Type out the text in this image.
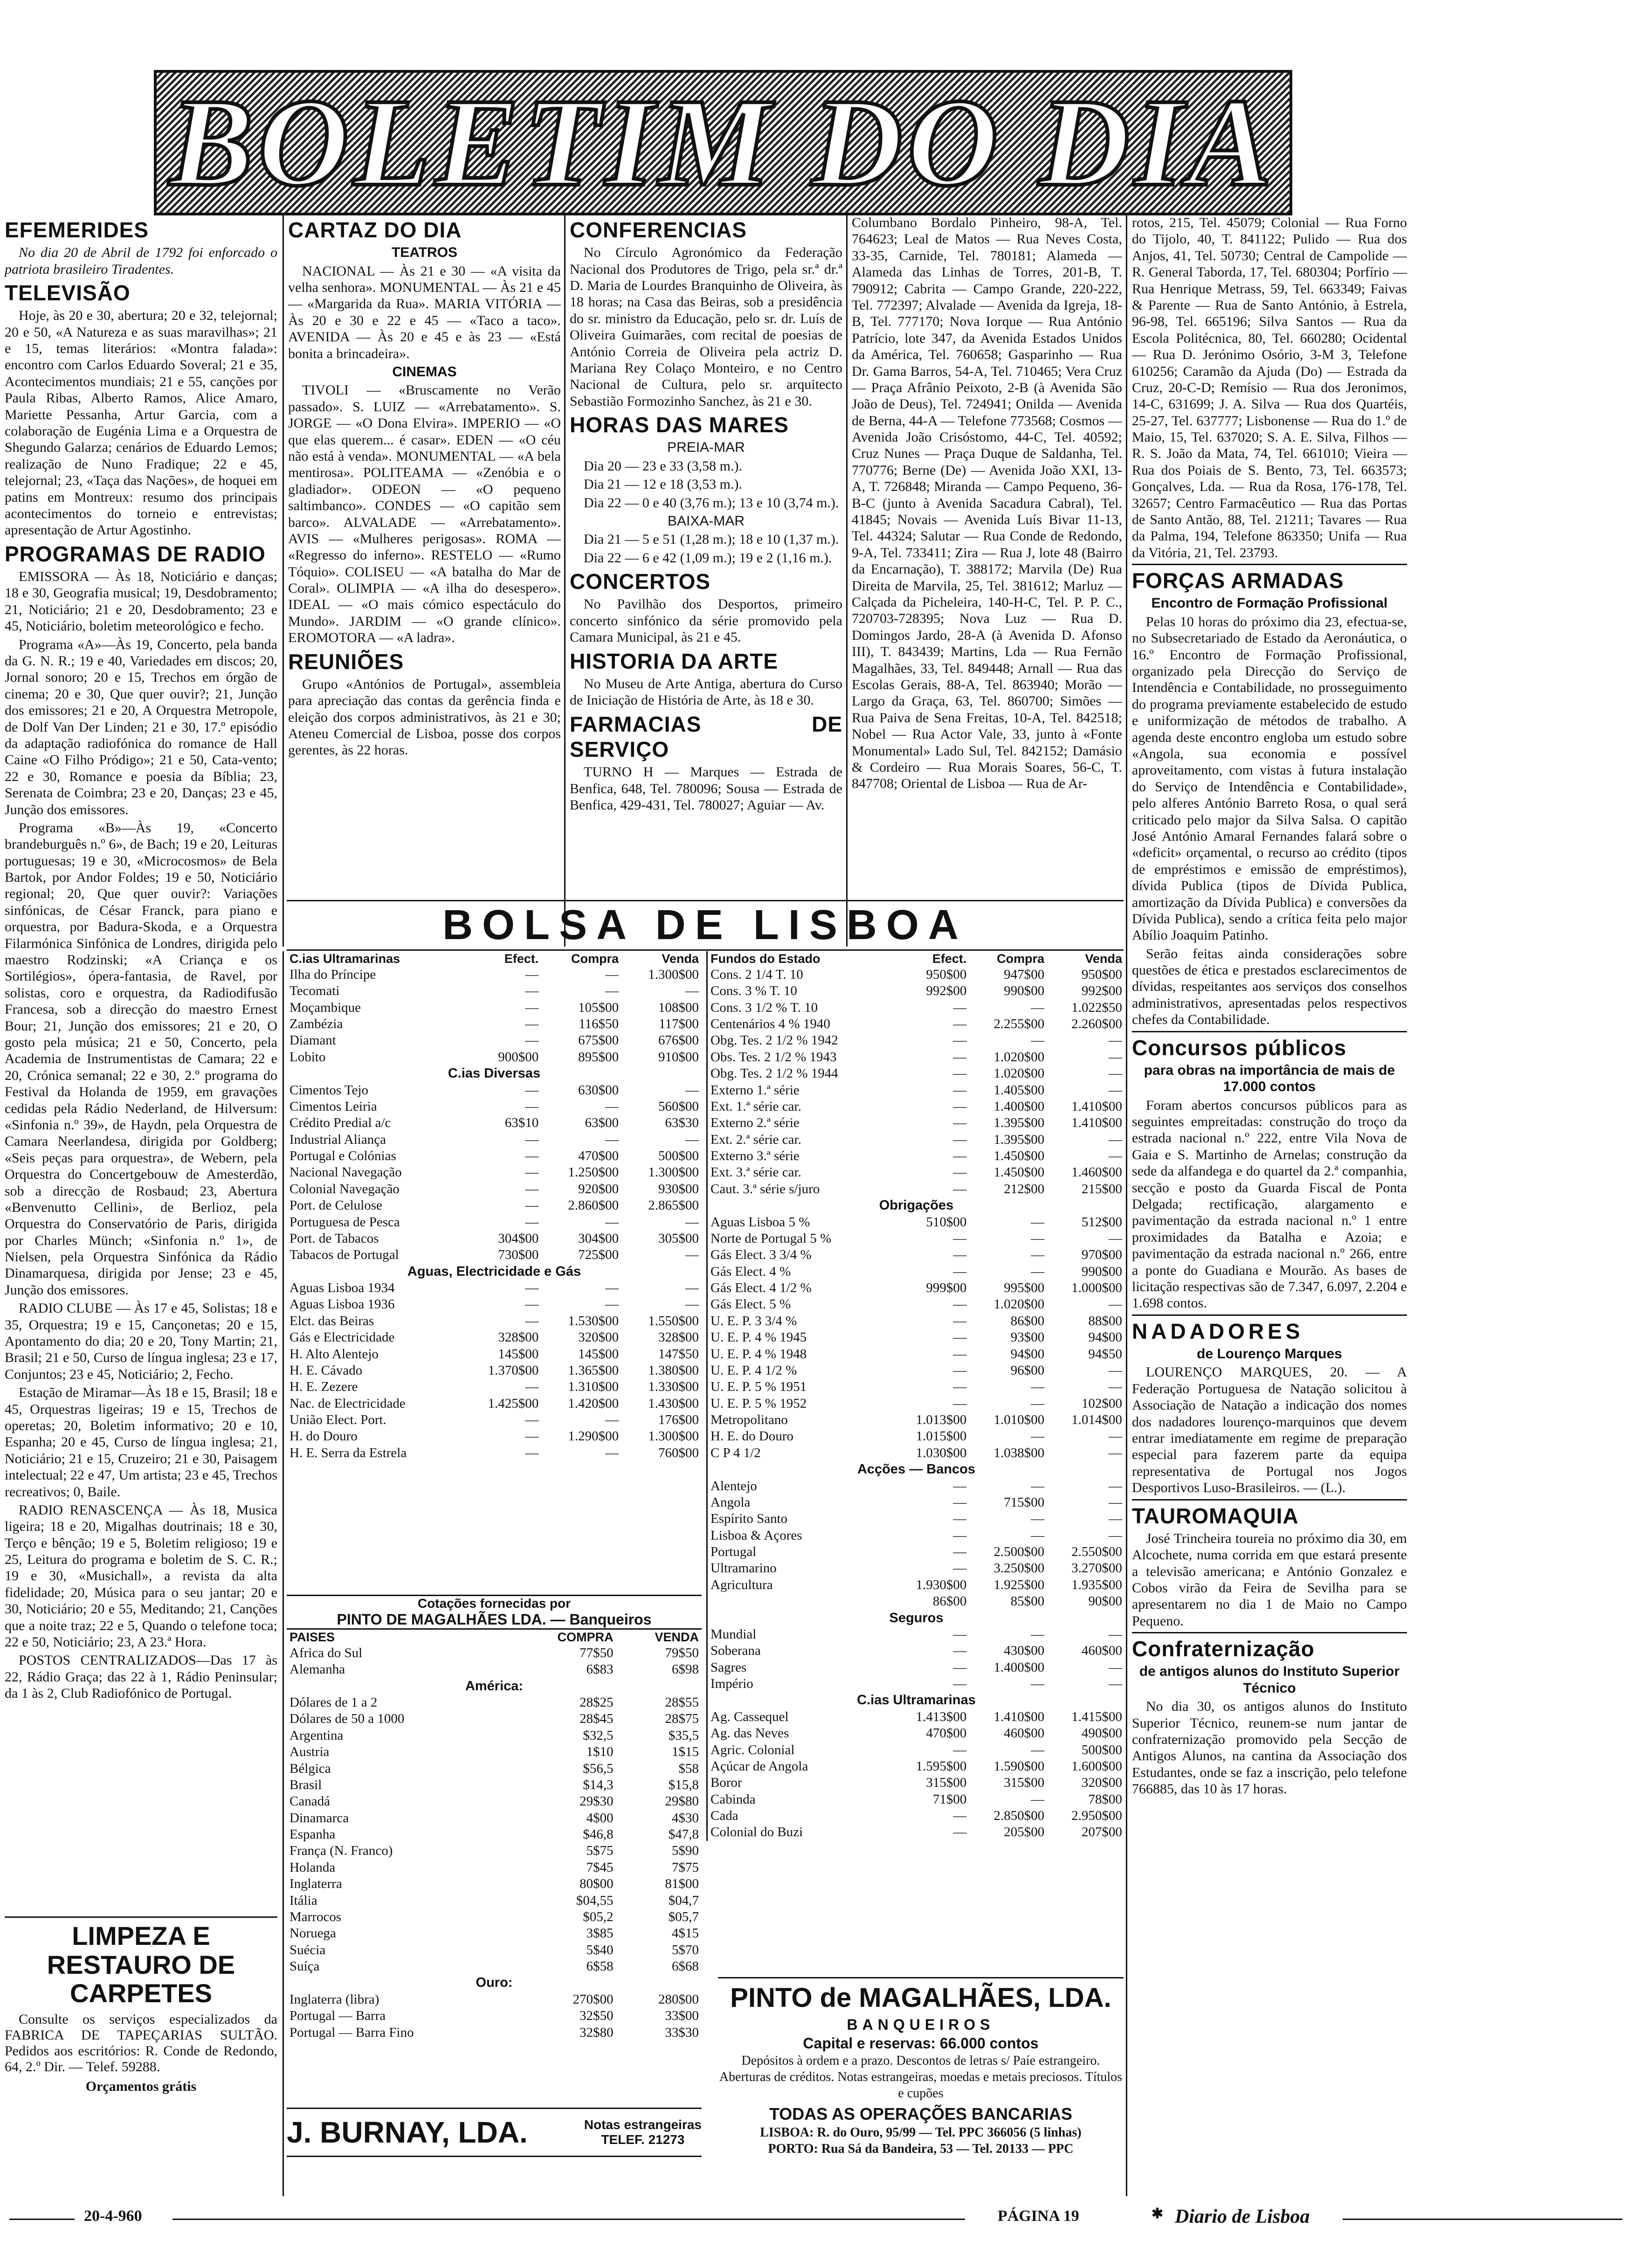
BOLETIM DO DIA
EFEMERIDES

No dia 20 de Abril de 1792 foi enforcado o patriota brasileiro Tiradentes.

TELEVISÃO

Hoje, às 20 e 30, abertura; 20 e 32, telejornal; 20 e 50, «A Natureza e as suas maravilhas»; 21 e 15, temas literários: «Montra falada»: encontro com Carlos Eduardo Soveral; 21 e 35, Acontecimentos mundiais; 21 e 55, canções por Paula Ribas, Alberto Ramos, Alice Amaro, Mariette Pessanha, Artur Garcia, com a colaboração de Eugénia Lima e a Orquestra de Shegundo Galarza; cenários de Eduardo Lemos; realização de Nuno Fradique; 22 e 45, telejornal; 23, «Taça das Nações», de hoquei em patins em Montreux: resumo dos principais acontecimentos do torneio e entrevistas; apresentação de Artur Agostinho.

PROGRAMAS DE RADIO

EMISSORA — Às 18, Noticiário e danças; 18 e 30, Geografia musical; 19, Desdobramento; 21, Noticiário; 21 e 20, Desdobramento; 23 e 45, Noticiário, boletim meteorológico e fecho.

Programa «A»—Às 19, Concerto, pela banda da G. N. R.; 19 e 40, Variedades em discos; 20, Jornal sonoro; 20 e 15, Trechos em órgão de cinema; 20 e 30, Que quer ouvir?; 21, Junção dos emissores; 21 e 20, A Orquestra Metropole, de Dolf Van Der Linden; 21 e 30, 17.º episódio da adaptação radiofónica do romance de Hall Caine «O Filho Pródigo»; 21 e 50, Cata-vento; 22 e 30, Romance e poesia da Bíblia; 23, Serenata de Coimbra; 23 e 20, Danças; 23 e 45, Junção dos emissores.

Programa «B»—Às 19, «Concerto brandeburguês n.º 6», de Bach; 19 e 20, Leituras portuguesas; 19 e 30, «Microcosmos» de Bela Bartok, por Andor Foldes; 19 e 50, Noticiário regional; 20, Que quer ouvir?: Variações sinfónicas, de César Franck, para piano e orquestra, por Badura-Skoda, e a Orquestra Filarmónica Sinfónica de Londres, dirigida pelo maestro Rodzinski; «A Criança e os Sortilégios», ópera-fantasia, de Ravel, por solistas, coro e orquestra, da Radiodifusão Francesa, sob a direcção do maestro Ernest Bour; 21, Junção dos emissores; 21 e 20, O gosto pela música; 21 e 50, Concerto, pela Academia de Instrumentistas de Camara; 22 e 20, Crónica semanal; 22 e 30, 2.º programa do Festival da Holanda de 1959, em gravações cedidas pela Rádio Nederland, de Hilversum: «Sinfonia n.º 39», de Haydn, pela Orquestra de Camara Neerlandesa, dirigida por Goldberg; «Seis peças para orquestra», de Webern, pela Orquestra do Concertgebouw de Amesterdão, sob a direcção de Rosbaud; 23, Abertura «Benvenutto Cellini», de Berlioz, pela Orquestra do Conservatório de Paris, dirigida por Charles Münch; «Sinfonia n.º 1», de Nielsen, pela Orquestra Sinfónica da Rádio Dinamarquesa, dirigida por Jense; 23 e 45, Junção dos emissores.

RADIO CLUBE — Às 17 e 45, Solistas; 18 e 35, Orquestra; 19 e 15, Cançonetas; 20 e 15, Apontamento do dia; 20 e 20, Tony Martin; 21, Brasil; 21 e 50, Curso de língua inglesa; 23 e 17, Conjuntos; 23 e 45, Noticiário; 2, Fecho.

Estação de Miramar—Às 18 e 15, Brasil; 18 e 45, Orquestras ligeiras; 19 e 15, Trechos de operetas; 20, Boletim informativo; 20 e 10, Espanha; 20 e 45, Curso de língua inglesa; 21, Noticiário; 21 e 15, Cruzeiro; 21 e 30, Paisagem intelectual; 22 e 47, Um artista; 23 e 45, Trechos recreativos; 0, Baile.

RADIO RENASCENÇA — Às 18, Musica ligeira; 18 e 20, Migalhas doutrinais; 18 e 30, Terço e bênção; 19 e 5, Boletim religioso; 19 e 25, Leitura do programa e boletim de S. C. R.; 19 e 30, «Musichall», a revista da alta fidelidade; 20, Música para o seu jantar; 20 e 30, Noticiário; 20 e 55, Meditando; 21, Canções que a noite traz; 22 e 5, Quando o telefone toca; 22 e 50, Noticiário; 23, A 23.ª Hora.

POSTOS CENTRALIZADOS—Das 17 às 22, Rádio Graça; das 22 à 1, Rádio Peninsular; da 1 às 2, Club Radiofónico de Portugal.

LIMPEZA E RESTAURO DE CARPETES

Consulte os serviços especializados da FABRICA DE TAPEÇARIAS SULTÃO. Pedidos aos escritórios: R. Conde de Redondo, 64, 2.º Dir. — Telef. 59288.

Orçamentos grátis
CARTAZ DO DIA
TEATROS

NACIONAL — Às 21 e 30 — «A visita da velha senhora». MONUMENTAL — Às 21 e 45 — «Margarida da Rua». MARIA VITÓRIA — Às 20 e 30 e 22 e 45 — «Taco a taco». AVENIDA — Às 20 e 45 e às 23 — «Está bonita a brincadeira».

CINEMAS

TIVOLI — «Bruscamente no Verão passado». S. LUIZ — «Arrebatamento». S. JORGE — «O Dona Elvira». IMPERIO — «O que elas querem... é casar». EDEN — «O céu não está à venda». MONUMENTAL — «A bela mentirosa». POLITEAMA — «Zenóbia e o gladiador». ODEON — «O pequeno saltimbanco». CONDES — «O capitão sem barco». ALVALADE — «Arrebatamento». AVIS — «Mulheres perigosas». ROMA — «Regresso do inferno». RESTELO — «Rumo Tóquio». COLISEU — «A batalha do Mar de Coral». OLIMPIA — «A ilha do desespero». IDEAL — «O mais cómico espectáculo do Mundo». JARDIM — «O grande clínico». EROMOTORA — «A ladra».

REUNIÕES

Grupo «Antónios de Portugal», assembleia para apreciação das contas da gerência finda e eleição dos corpos administrativos, às 21 e 30; Ateneu Comercial de Lisboa, posse dos corpos gerentes, às 22 horas.

CONFERENCIAS

No Círculo Agronómico da Federação Nacional dos Produtores de Trigo, pela sr.ª dr.ª D. Maria de Lourdes Branquinho de Oliveira, às 18 horas; na Casa das Beiras, sob a presidência do sr. ministro da Educação, pelo sr. dr. Luís de Oliveira Guimarães, com recital de poesias de António Correia de Oliveira pela actriz D. Mariana Rey Colaço Monteiro, e no Centro Nacional de Cultura, pelo sr. arquitecto Sebastião Formozinho Sanchez, às 21 e 30.

HORAS DAS MARES
PREIA-MAR

Dia 20 — 23 e 33 (3,58 m.).

Dia 21 — 12 e 18 (3,53 m.).

Dia 22 — 0 e 40 (3,76 m.); 13 e 10 (3,74 m.).

BAIXA-MAR

Dia 21 — 5 e 51 (1,28 m.); 18 e 10 (1,37 m.).

Dia 22 — 6 e 42 (1,09 m.); 19 e 2 (1,16 m.).

CONCERTOS

No Pavilhão dos Desportos, primeiro concerto sinfónico da série promovido pela Camara Municipal, às 21 e 45.

HISTORIA DA ARTE

No Museu de Arte Antiga, abertura do Curso de Iniciação de História de Arte, às 18 e 30.

FARMACIAS DE SERVIÇO

TURNO H — Marques — Estrada de Benfica, 648, Tel. 780096; Sousa — Estrada de Benfica, 429-431, Tel. 780027; Aguiar — Av.

Columbano Bordalo Pinheiro, 98-A, Tel. 764623; Leal de Matos — Rua Neves Costa, 33-35, Carnide, Tel. 780181; Alameda — Alameda das Linhas de Torres, 201-B, T. 790912; Cabrita — Campo Grande, 220-222, Tel. 772397; Alvalade — Avenida da Igreja, 18-B, Tel. 777170; Nova Iorque — Rua António Patrício, lote 347, da Avenida Estados Unidos da América, Tel. 760658; Gasparinho — Rua Dr. Gama Barros, 54-A, Tel. 710465; Vera Cruz — Praça Afrânio Peixoto, 2-B (à Avenida São João de Deus), Tel. 724941; Onilda — Avenida de Berna, 44-A — Telefone 773568; Cosmos — Avenida João Crisóstomo, 44-C, Tel. 40592; Cruz Nunes — Praça Duque de Saldanha, Tel. 770776; Berne (De) — Avenida João XXI, 13-A, T. 726848; Miranda — Campo Pequeno, 36-B-C (junto à Avenida Sacadura Cabral), Tel. 41845; Novais — Avenida Luís Bivar 11-13, Tel. 44324; Salutar — Rua Conde de Redondo, 9-A, Tel. 733411; Zira — Rua J, lote 48 (Bairro da Encarnação), T. 388172; Marvila (De) Rua Direita de Marvila, 25, Tel. 381612; Marluz — Calçada da Picheleira, 140-H-C, Tel. P. P. C., 720703-728395; Nova Luz — Rua D. Domingos Jardo, 28-A (à Avenida D. Afonso III), T. 843439; Martins, Lda — Rua Fernão Magalhães, 33, Tel. 849448; Arnall — Rua das Escolas Gerais, 88-A, Tel. 863940; Morão — Largo da Graça, 63, Tel. 860700; Simões — Rua Paiva de Sena Freitas, 10-A, Tel. 842518; Nobel — Rua Actor Vale, 33, junto à «Fonte Monumental» Lado Sul, Tel. 842152; Damásio & Cordeiro — Rua Morais Soares, 56-C, T. 847708; Oriental de Lisboa — Rua de Ar-

rotos, 215, Tel. 45079; Colonial — Rua Forno do Tijolo, 40, T. 841122; Pulido — Rua dos Anjos, 41, Tel. 50730; Central de Campolide — R. General Taborda, 17, Tel. 680304; Porfírio — Rua Henrique Metrass, 59, Tel. 663349; Faivas & Parente — Rua de Santo António, à Estrela, 96-98, Tel. 665196; Silva Santos — Rua da Escola Politécnica, 80, Tel. 660280; Ocidental — Rua D. Jerónimo Osório, 3-M 3, Telefone 610256; Caramão da Ajuda (Do) — Estrada da Cruz, 20-C-D; Remísio — Rua dos Jeronimos, 14-C, 631699; J. A. Silva — Rua dos Quartéis, 25-27, Tel. 637777; Lisbonense — Rua do 1.º de Maio, 15, Tel. 637020; S. A. E. Silva, Filhos — R. S. João da Mata, 74, Tel. 661010; Vieira — Rua dos Poiais de S. Bento, 73, Tel. 663573; Gonçalves, Lda. — Rua da Rosa, 176-178, Tel. 32657; Centro Farmacêutico — Rua das Portas de Santo Antão, 88, Tel. 21211; Tavares — Rua da Palma, 194, Telefone 863350; Unifa — Rua da Vitória, 21, Tel. 23793.

FORÇAS ARMADAS
Encontro de Formação Profissional

Pelas 10 horas do próximo dia 23, efectua-se, no Subsecretariado de Estado da Aeronáutica, o 16.º Encontro de Formação Profissional, organizado pela Direcção do Serviço de Intendência e Contabilidade, no prosseguimento do programa previamente estabelecido de estudo e uniformização de métodos de trabalho. A agenda deste encontro engloba um estudo sobre «Angola, sua economia e possível aproveitamento, com vistas à futura instalação do Serviço de Intendência e Contabilidade», pelo alferes António Barreto Rosa, o qual será criticado pelo major da Silva Salsa. O capitão José António Amaral Fernandes falará sobre o «deficit» orçamental, o recurso ao crédito (tipos de empréstimos e emissão de empréstimos), dívida Publica (tipos de Dívida Publica, amortização da Dívida Publica) e conversões da Dívida Publica), sendo a crítica feita pelo major Abílio Joaquim Patinho.

Serão feitas ainda considerações sobre questões de ética e prestados esclarecimentos de dívidas, respeitantes aos serviços dos conselhos administrativos, apresentadas pelos respectivos chefes da Contabilidade.

Concursos públicos
para obras na importância de mais de 17.000 contos

Foram abertos concursos públicos para as seguintes empreitadas: construção do troço da estrada nacional n.º 222, entre Vila Nova de Gaia e S. Martinho de Arnelas; construção da sede da alfandega e do quartel da 2.ª companhia, secção e posto da Guarda Fiscal de Ponta Delgada; rectificação, alargamento e pavimentação da estrada nacional n.º 1 entre proximidades da Batalha e Azoia; e pavimentação da estrada nacional n.º 266, entre a ponte do Guadiana e Mourão. As bases de licitação respectivas são de 7.347, 6.097, 2.204 e 1.698 contos.

NADADORES
de Lourenço Marques

LOURENÇO MARQUES, 20. — A Federação Portuguesa de Natação solicitou à Associação de Natação a indicação dos nomes dos nadadores lourenço-marquinos que devem entrar imediatamente em regime de preparação especial para fazerem parte da equipa representativa de Portugal nos Jogos Desportivos Luso-Brasileiros. — (L.).

TAUROMAQUIA

José Trincheira toureia no próximo dia 30, em Alcochete, numa corrida em que estará presente a televisão americana; e António Gonzalez e Cobos virão da Feira de Sevilha para se apresentarem no dia 1 de Maio no Campo Pequeno.

Confraternização
de antigos alunos do Instituto Superior Técnico

No dia 30, os antigos alunos do Instituto Superior Técnico, reunem-se num jantar de confraternização promovido pela Secção de Antigos Alunos, na cantina da Associação dos Estudantes, onde se faz a inscrição, pelo telefone 766885, das 10 às 17 horas.

BOLSA DE LISBOA
C.ias Ultramarinas	Efect.	Compra	Venda
Ilha do Príncipe	—	—	1.300$00
Tecomati	—	—	—
Moçambique	—	105$00	108$00
Zambézia	—	116$50	117$00
Diamant	—	675$00	676$00
Lobito	900$00	895$00	910$00
C.ias Diversas			
Cimentos Tejo	—	630$00	—
Cimentos Leiria	—	—	560$00
Crédito Predial a/c	63$10	63$00	63$30
Industrial Aliança	—	—	—
Portugal e Colónias	—	470$00	500$00
Nacional Navegação	—	1.250$00	1.300$00
Colonial Navegação	—	920$00	930$00
Port. de Celulose	—	2.860$00	2.865$00
Portuguesa de Pesca	—	—	—
Port. de Tabacos	304$00	304$00	305$00
Tabacos de Portugal	730$00	725$00	—
Aguas, Electricidade e Gás			
Aguas Lisboa 1934	—	—	—
Aguas Lisboa 1936	—	—	—
Elct. das Beiras	—	1.530$00	1.550$00
Gás e Electricidade	328$00	320$00	328$00
H. Alto Alentejo	145$00	145$00	147$50
H. E. Cávado	1.370$00	1.365$00	1.380$00
H. E. Zezere	—	1.310$00	1.330$00
Nac. de Electricidade	1.425$00	1.420$00	1.430$00
União Elect. Port.	—	—	176$00
H. do Douro	—	1.290$00	1.300$00
H. E. Serra da Estrela	—	—	760$00
Fundos do Estado	Efect.	Compra	Venda
Cons. 2 1/4 T. 10	950$00	947$00	950$00
Cons. 3 % T. 10	992$00	990$00	992$00
Cons. 3 1/2 % T. 10	—	—	1.022$50
Centenários 4 % 1940	—	2.255$00	2.260$00
Obg. Tes. 2 1/2 % 1942	—	—	—
Obs. Tes. 2 1/2 % 1943	—	1.020$00	—
Obg. Tes. 2 1/2 % 1944	—	1.020$00	—
Externo 1.ª série	—	1.405$00	—
Ext. 1.ª série car.	—	1.400$00	1.410$00
Externo 2.ª série	—	1.395$00	1.410$00
Ext. 2.ª série car.	—	1.395$00	—
Externo 3.ª série	—	1.450$00	—
Ext. 3.ª série car.	—	1.450$00	1.460$00
Caut. 3.ª série s/juro	—	212$00	215$00
Obrigações			
Aguas Lisboa 5 %	510$00	—	512$00
Norte de Portugal 5 %	—	—	—
Gás Elect. 3 3/4 %	—	—	970$00
Gás Elect. 4 %	—	—	990$00
Gás Elect. 4 1/2 %	999$00	995$00	1.000$00
Gás Elect. 5 %	—	1.020$00	—
U. E. P. 3 3/4 %	—	86$00	88$00
U. E. P. 4 % 1945	—	93$00	94$00
U. E. P. 4 % 1948	—	94$00	94$50
U. E. P. 4 1/2 %	—	96$00	—
U. E. P. 5 % 1951	—	—	—
U. E. P. 5 % 1952	—	—	102$00
Metropolitano	1.013$00	1.010$00	1.014$00
H. E. do Douro	1.015$00	—	—
C P 4 1/2	1.030$00	1.038$00	—
Acções — Bancos			
Alentejo	—	—	—
Angola	—	715$00	—
Espírito Santo	—	—	—
Lisboa & Açores	—	—	—
Portugal	—	2.500$00	2.550$00
Ultramarino	—	3.250$00	3.270$00
Agricultura	1.930$00	1.925$00	1.935$00
	86$00	85$00	90$00
Seguros			
Mundial	—	—	—
Soberana	—	430$00	460$00
Sagres	—	1.400$00	—
Império	—	—	—
C.ias Ultramarinas			
Ag. Cassequel	1.413$00	1.410$00	1.415$00
Ag. das Neves	470$00	460$00	490$00
Agric. Colonial	—	—	500$00
Açúcar de Angola	1.595$00	1.590$00	1.600$00
Boror	315$00	315$00	320$00
Cabinda	71$00	—	78$00
Cada	—	2.850$00	2.950$00
Colonial do Buzi	—	205$00	207$00
Cotações fornecidas por
PINTO DE MAGALHÃES LDA. — Banqueiros
PAISES	COMPRA	VENDA
Africa do Sul	77$50	79$50
Alemanha	6$83	6$98
América:		
Dólares de 1 a 2	28$25	28$55
Dólares de 50 a 1000	28$45	28$75
Argentina	$32,5	$35,5
Austria	1$10	1$15
Bélgica	$56,5	$58
Brasil	$14,3	$15,8
Canadá	29$30	29$80
Dinamarca	4$00	4$30
Espanha	$46,8	$47,8
França (N. Franco)	5$75	5$90
Holanda	7$45	7$75
Inglaterra	80$00	81$00
Itália	$04,55	$04,7
Marrocos	$05,2	$05,7
Noruega	3$85	4$15
Suécia	5$40	5$70
Suíça	6$58	6$68
Ouro:		
Inglaterra (libra)	270$00	280$00
Portugal — Barra	32$50	33$00
Portugal — Barra Fino	32$80	33$30
J. BURNAY, LDA.	Notas estrangeiras
TELEF. 21273
PINTO de MAGALHÃES, LDA.
BANQUEIROS
Capital e reservas: 66.000 contos
Depósitos à ordem e a prazo. Descontos de letras s/ Paíe estrangeiro. Aberturas de créditos. Notas estrangeiras, moedas e metais preciosos. Títulos e cupões
TODAS AS OPERAÇÕES BANCARIAS
LISBOA: R. do Ouro, 95/99 — Tel. PPC 366056 (5 linhas)
PORTO: Rua Sá da Bandeira, 53 — Tel. 20133 — PPC
20-4-960	PÁGINA 19	✱ Diario de Lisboa
